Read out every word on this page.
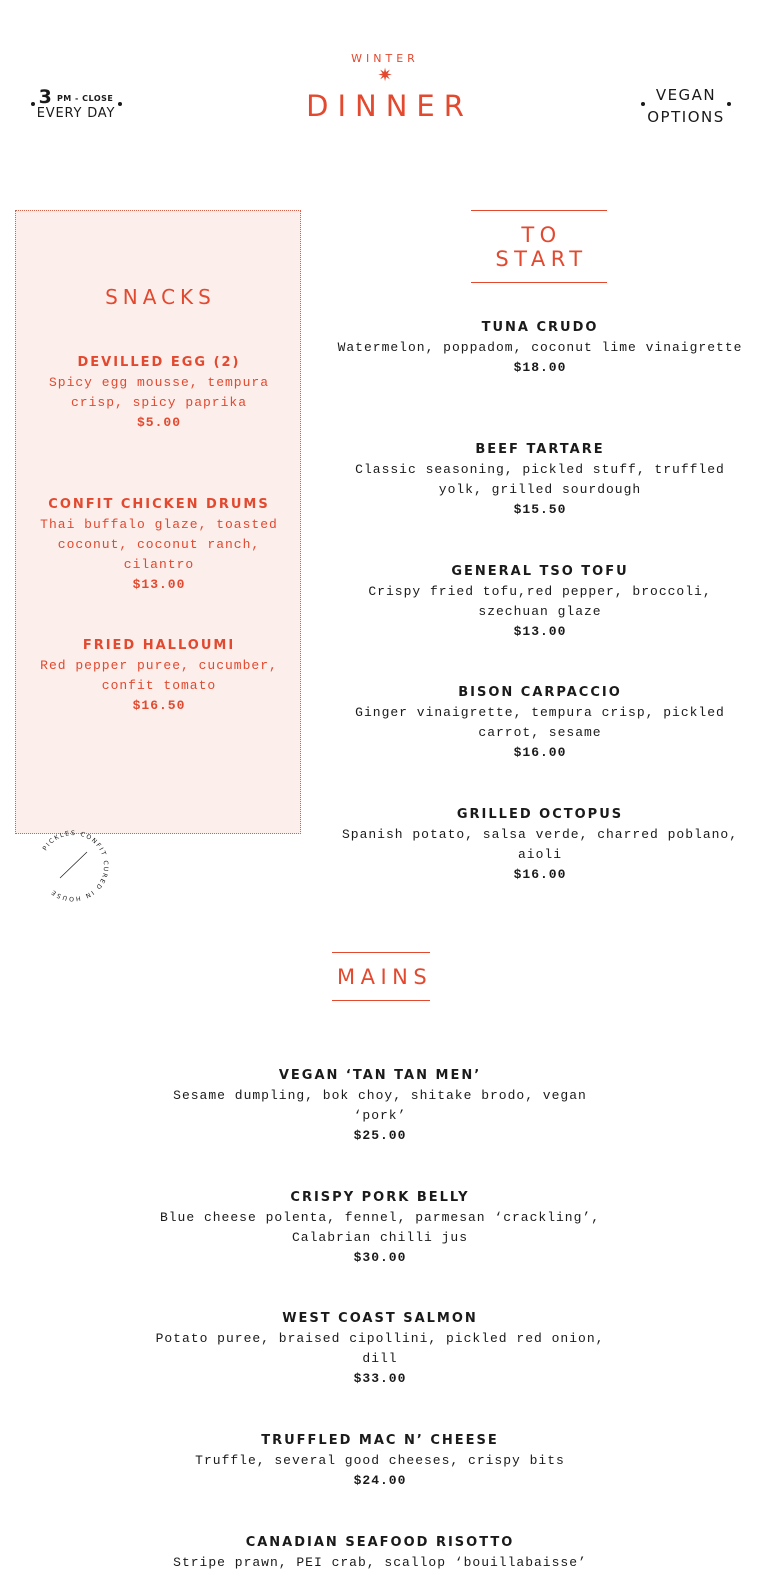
3 PM - CLOSE
EVERY DAY
WINTER
✷
DINNER	VEGAN
OPTIONS
SNACKS
DEVILLED EGG (2)
Spicy egg mousse, tempura crisp, spicy paprika
$5.00
CONFIT CHICKEN DRUMS
Thai buffalo glaze, toasted coconut, coconut ranch, cilantro
$13.00
FRIED HALLOUMI
Red pepper puree, cucumber, confit tomato
$16.50
PICKLES CONFIT CURED IN HOUSE
TO START
TUNA CRUDO
Watermelon, poppadom, coconut lime vinaigrette
$18.00
BEEF TARTARE
Classic seasoning, pickled stuff, truffled yolk, grilled sourdough
$15.50
GENERAL TSO TOFU
Crispy fried tofu,red pepper, broccoli, szechuan glaze
$13.00
BISON CARPACCIO
Ginger vinaigrette, tempura crisp, pickled carrot, sesame
$16.00
GRILLED OCTOPUS
Spanish potato, salsa verde, charred poblano, aioli
$16.00
MAINS
VEGAN ‘TAN TAN MEN’
Sesame dumpling, bok choy, shitake brodo, vegan ‘pork’
$25.00
CRISPY PORK BELLY
Blue cheese polenta, fennel, parmesan ‘crackling’, Calabrian chilli jus
$30.00
WEST COAST SALMON
Potato puree, braised cipollini, pickled red onion, dill
$33.00
TRUFFLED MAC N’ CHEESE
Truffle, several good cheeses, crispy bits
$24.00
CANADIAN SEAFOOD RISOTTO
Stripe prawn, PEI crab, scallop ‘bouillabaisse’
